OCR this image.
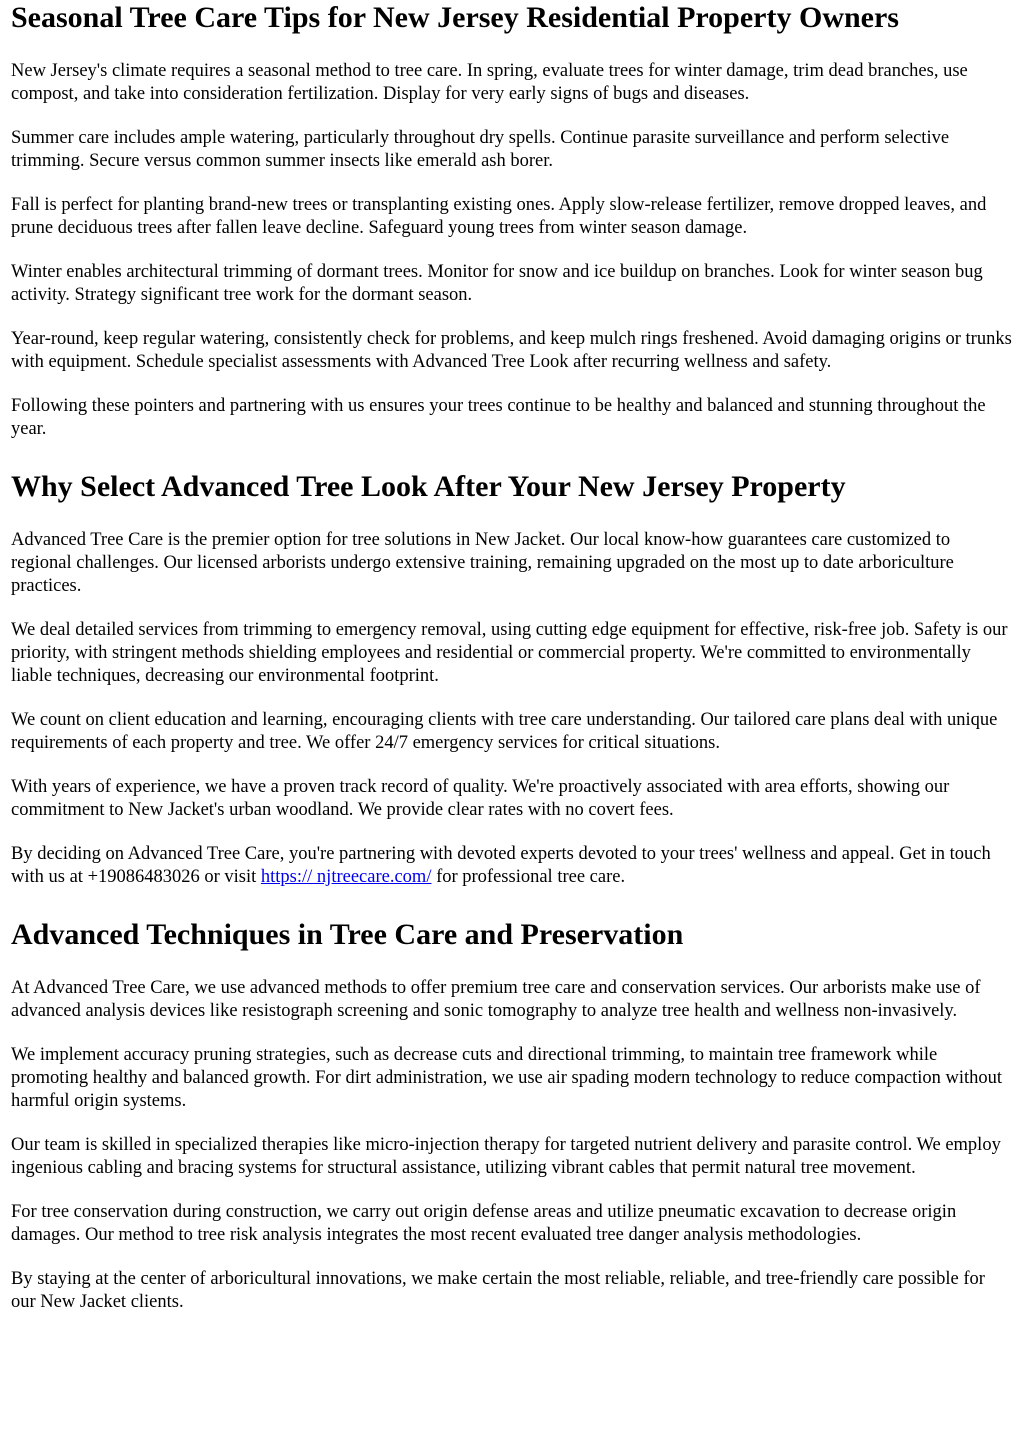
Seasonal Tree Care Tips for New Jersey Residential Property Owners

New Jersey's climate requires a seasonal method to tree care. In spring, evaluate trees for winter damage, trim dead branches, use compost, and take into consideration fertilization. Display for very early signs of bugs and diseases.

Summer care includes ample watering, particularly throughout dry spells. Continue parasite surveillance and perform selective trimming. Secure versus common summer insects like emerald ash borer.

Fall is perfect for planting brand-new trees or transplanting existing ones. Apply slow-release fertilizer, remove dropped leaves, and prune deciduous trees after fallen leave decline. Safeguard young trees from winter season damage.

Winter enables architectural trimming of dormant trees. Monitor for snow and ice buildup on branches. Look for winter season bug activity. Strategy significant tree work for the dormant season.

Year-round, keep regular watering, consistently check for problems, and keep mulch rings freshened. Avoid damaging origins or trunks with equipment. Schedule specialist assessments with Advanced Tree Look after recurring wellness and safety.

Following these pointers and partnering with us ensures your trees continue to be healthy and balanced and stunning throughout the year.

Why Select Advanced Tree Look After Your New Jersey Property

Advanced Tree Care is the premier option for tree solutions in New Jacket. Our local know-how guarantees care customized to regional challenges. Our licensed arborists undergo extensive training, remaining upgraded on the most up to date arboriculture practices.

We deal detailed services from trimming to emergency removal, using cutting edge equipment for effective, risk-free job. Safety is our priority, with stringent methods shielding employees and residential or commercial property. We're committed to environmentally liable techniques, decreasing our environmental footprint.

We count on client education and learning, encouraging clients with tree care understanding. Our tailored care plans deal with unique requirements of each property and tree. We offer 24/7 emergency services for critical situations.

With years of experience, we have a proven track record of quality. We're proactively associated with area efforts, showing our commitment to New Jacket's urban woodland. We provide clear rates with no covert fees.

By deciding on Advanced Tree Care, you're partnering with devoted experts devoted to your trees' wellness and appeal. Get in touch with us at +19086483026 or visit https:// njtreecare.com/ for professional tree care.

Advanced Techniques in Tree Care and Preservation

At Advanced Tree Care, we use advanced methods to offer premium tree care and conservation services. Our arborists make use of advanced analysis devices like resistograph screening and sonic tomography to analyze tree health and wellness non-invasively.

We implement accuracy pruning strategies, such as decrease cuts and directional trimming, to maintain tree framework while promoting healthy and balanced growth. For dirt administration, we use air spading modern technology to reduce compaction without harmful origin systems.

Our team is skilled in specialized therapies like micro-injection therapy for targeted nutrient delivery and parasite control. We employ ingenious cabling and bracing systems for structural assistance, utilizing vibrant cables that permit natural tree movement.

For tree conservation during construction, we carry out origin defense areas and utilize pneumatic excavation to decrease origin damages. Our method to tree risk analysis integrates the most recent evaluated tree danger analysis methodologies.

By staying at the center of arboricultural innovations, we make certain the most reliable, reliable, and tree-friendly care possible for our New Jacket clients.
